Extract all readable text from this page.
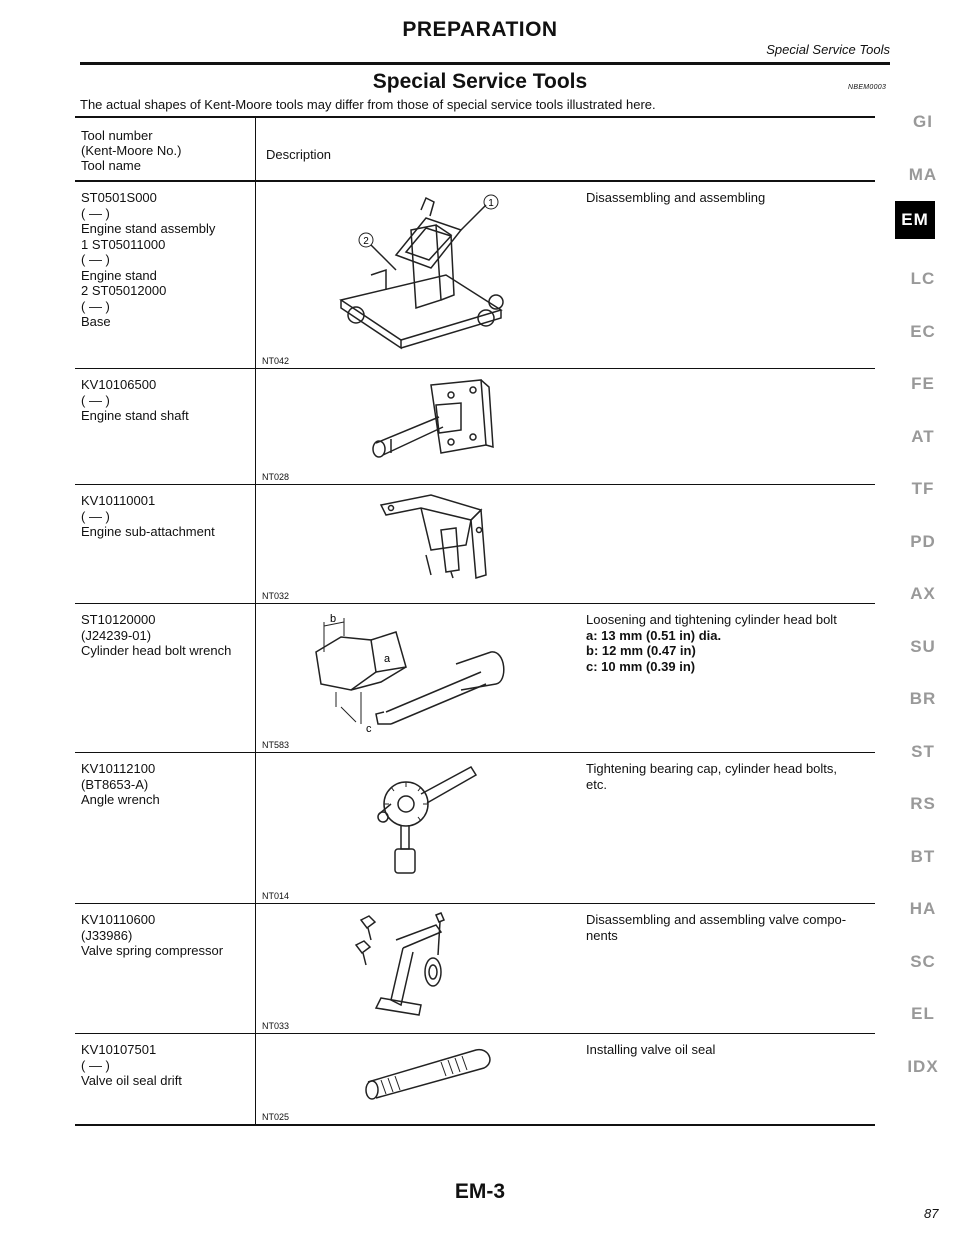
PREPARATION
Special Service Tools
Special Service Tools	NBEM0003
The actual shapes of Kent-Moore tools may differ from those of special service tools illustrated here.
Tool number
(Kent-Moore No.)
Tool name
Description
ST0501S000
( — )
Engine stand assembly
1 ST05011000
( — )
Engine stand
2 ST05012000
( — )
Base
1
2
Disassembling and assembling
NT042
KV10106500
( — )
Engine stand shaft
NT028
KV10110001
( — )
Engine sub-attachment
NT032
ST10120000
(J24239-01)
Cylinder head bolt wrench
b
a
c
Loosening and tightening cylinder head bolt
a: 13 mm (0.51 in) dia.
b: 12 mm (0.47 in)
c: 10 mm (0.39 in)
NT583
KV10112100
(BT8653-A)
Angle wrench
Tightening bearing cap, cylinder head bolts,
etc.
NT014
KV10110600
(J33986)
Valve spring compressor
Disassembling and assembling valve compo-
nents
NT033
KV10107501
( — )
Valve oil seal drift
Installing valve oil seal
NT025
GI
MA
EM
LC
EC
FE
AT
TF
PD
AX
SU
BR
ST
RS
BT
HA
SC
EL
IDX
EM-3
87
